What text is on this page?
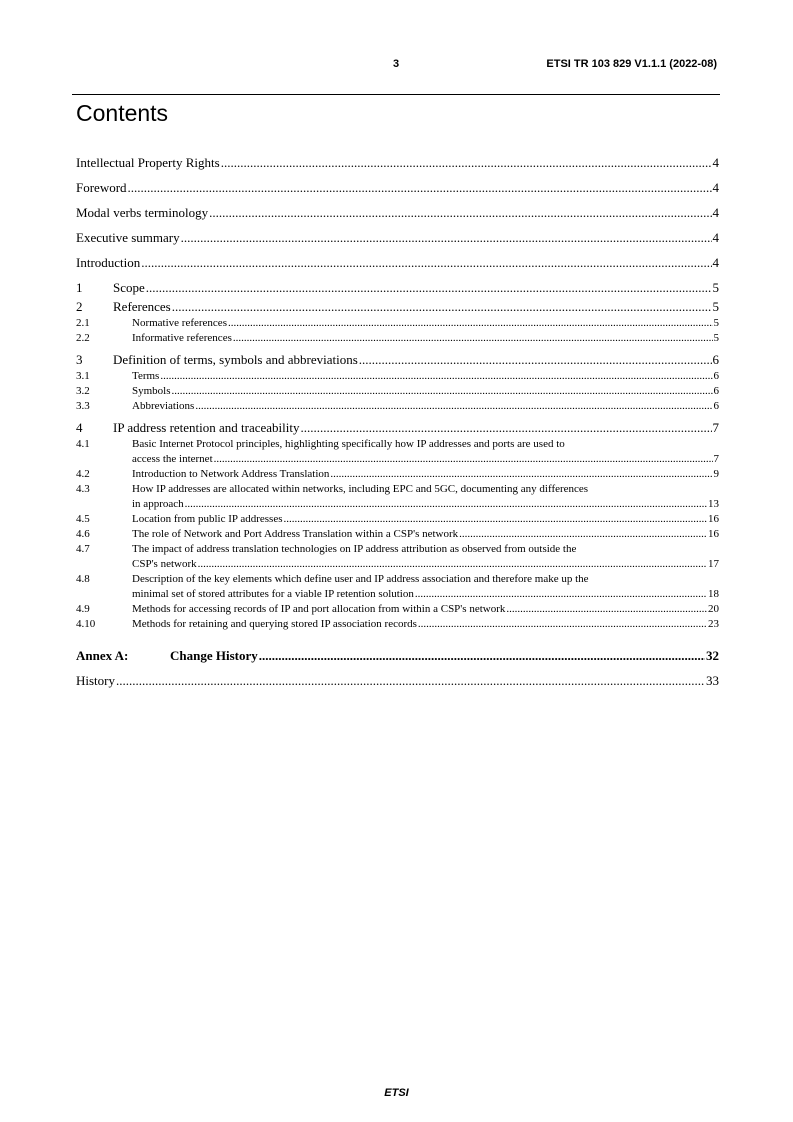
3	ETSI TR 103 829 V1.1.1 (2022-08)
Contents
Intellectual Property Rights .....	4
Foreword .....	4
Modal verbs terminology .....	4
Executive summary .....	4
Introduction .....	4
1 Scope .....	5
2 References .....	5
2.1	Normative references .....	5
2.2	Informative references .....	5
3 Definition of terms, symbols and abbreviations .....	6
3.1	Terms .....	6
3.2	Symbols .....	6
3.3	Abbreviations .....	6
4 IP address retention and traceability .....	7
4.1	Basic Internet Protocol principles, highlighting specifically how IP addresses and ports are used to
access the internet .....	7
4.2	Introduction to Network Address Translation .....	9
4.3	How IP addresses are allocated within networks, including EPC and 5GC, documenting any differences
in approach .....	13
4.5	Location from public IP addresses .....	16
4.6	The role of Network and Port Address Translation within a CSP's network .....	16
4.7	The impact of address translation technologies on IP address attribution as observed from outside the
CSP's network .....	17
4.8	Description of the key elements which define user and IP address association and therefore make up the
minimal set of stored attributes for a viable IP retention solution .....	18
4.9	Methods for accessing records of IP and port allocation from within a CSP's network .....	20
4.10	Methods for retaining and querying stored IP association records .....	23
Annex A:	Change History .....	32
History .....	33
ETSI
